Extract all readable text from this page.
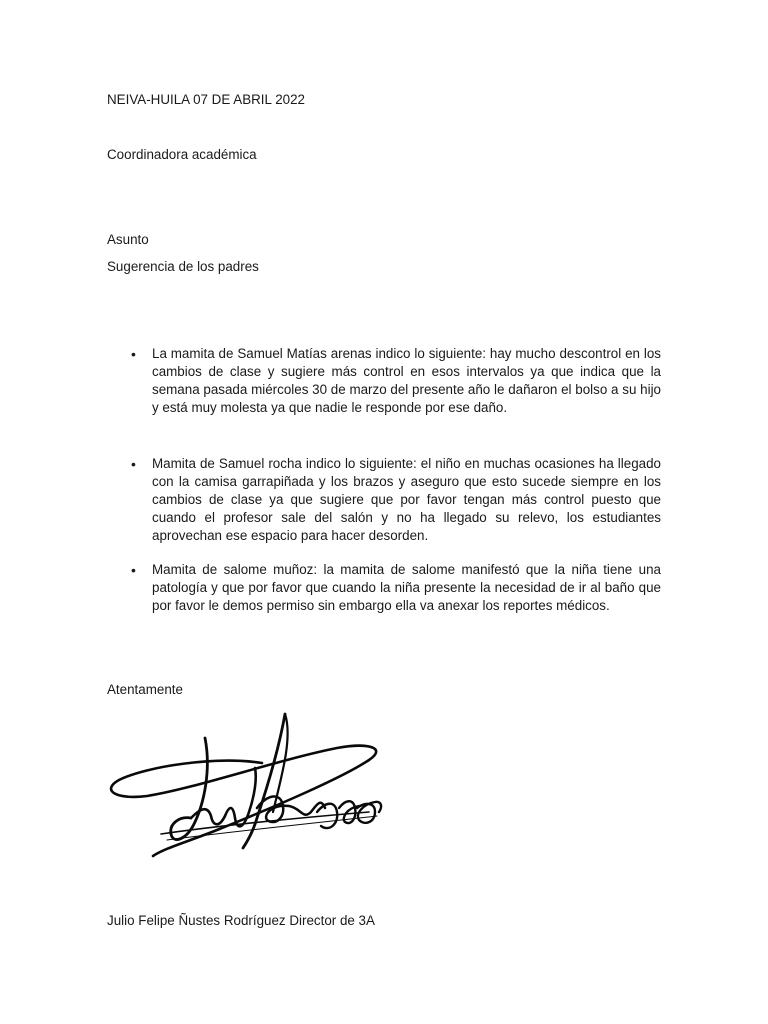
NEIVA-HUILA 07 DE ABRIL 2022

Coordinadora académica

Asunto

Sugerencia de los padres

• La mamita de Samuel Matías arenas indico lo siguiente: hay mucho descontrol en los cambios de clase y sugiere más control en esos intervalos ya que indica que la semana pasada miércoles 30 de marzo del presente año le dañaron el bolso a su hijo y está muy molesta ya que nadie le responde por ese daño.

• Mamita de Samuel rocha indico lo siguiente: el niño en muchas ocasiones ha llegado con la camisa garrapiñada y los brazos y aseguro que esto sucede siempre en los cambios de clase ya que sugiere que por favor tengan más control puesto que cuando el profesor sale del salón y no ha llegado su relevo, los estudiantes aprovechan ese espacio para hacer desorden.

• Mamita de salome muñoz: la mamita de salome manifestó que la niña tiene una patología y que por favor que cuando la niña presente la necesidad de ir al baño que por favor le demos permiso sin embargo ella va anexar los reportes médicos.

Atentamente

Julio Felipe Ñustes Rodríguez Director de 3A
